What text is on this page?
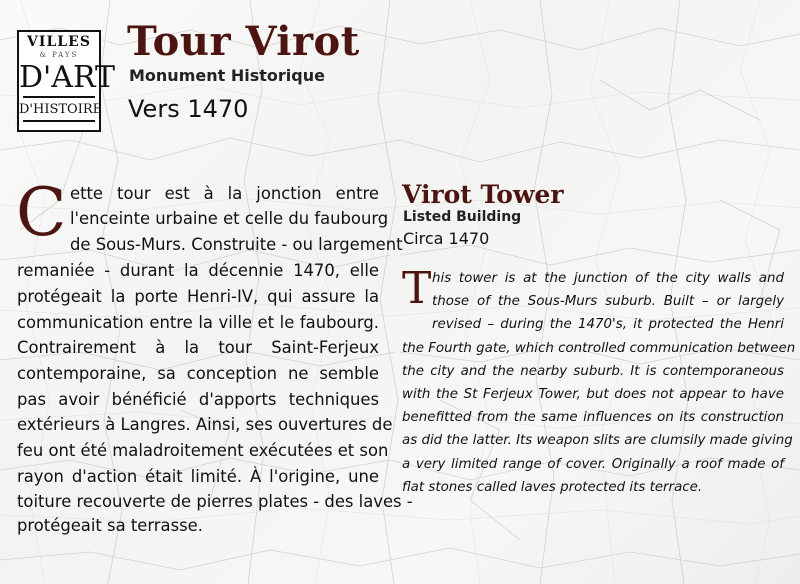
VILLES
& PAYS
D'ART
D'HISTOIRE
Tour Virot
Monument Historique
Vers 1470
C ette tour est à la jonction entre
l'enceinte urbaine et celle du faubourg
de Sous-Murs. Construite - ou largement
remaniée - durant la décennie 1470, elle
protégeait la porte Henri-IV, qui assure la
communication entre la ville et le faubourg.
Contrairement à la tour Saint-Ferjeux
contemporaine, sa conception ne semble
pas avoir bénéficié d'apports techniques
extérieurs à Langres. Ainsi, ses ouvertures de
feu ont été maladroitement exécutées et son
rayon d'action était limité. À l'origine, une
toiture recouverte de pierres plates - des laves -
protégeait sa terrasse.
Virot Tower
Listed Building
Circa 1470
T his tower is at the junction of the city walls and
those of the Sous-Murs suburb. Built – or largely
revised – during the 1470's, it protected the Henri
the Fourth gate, which controlled communication between
the city and the nearby suburb. It is contemporaneous
with the St Ferjeux Tower, but does not appear to have
benefitted from the same influences on its construction
as did the latter. Its weapon slits are clumsily made giving
a very limited range of cover. Originally a roof made of
flat stones called laves protected its terrace.
